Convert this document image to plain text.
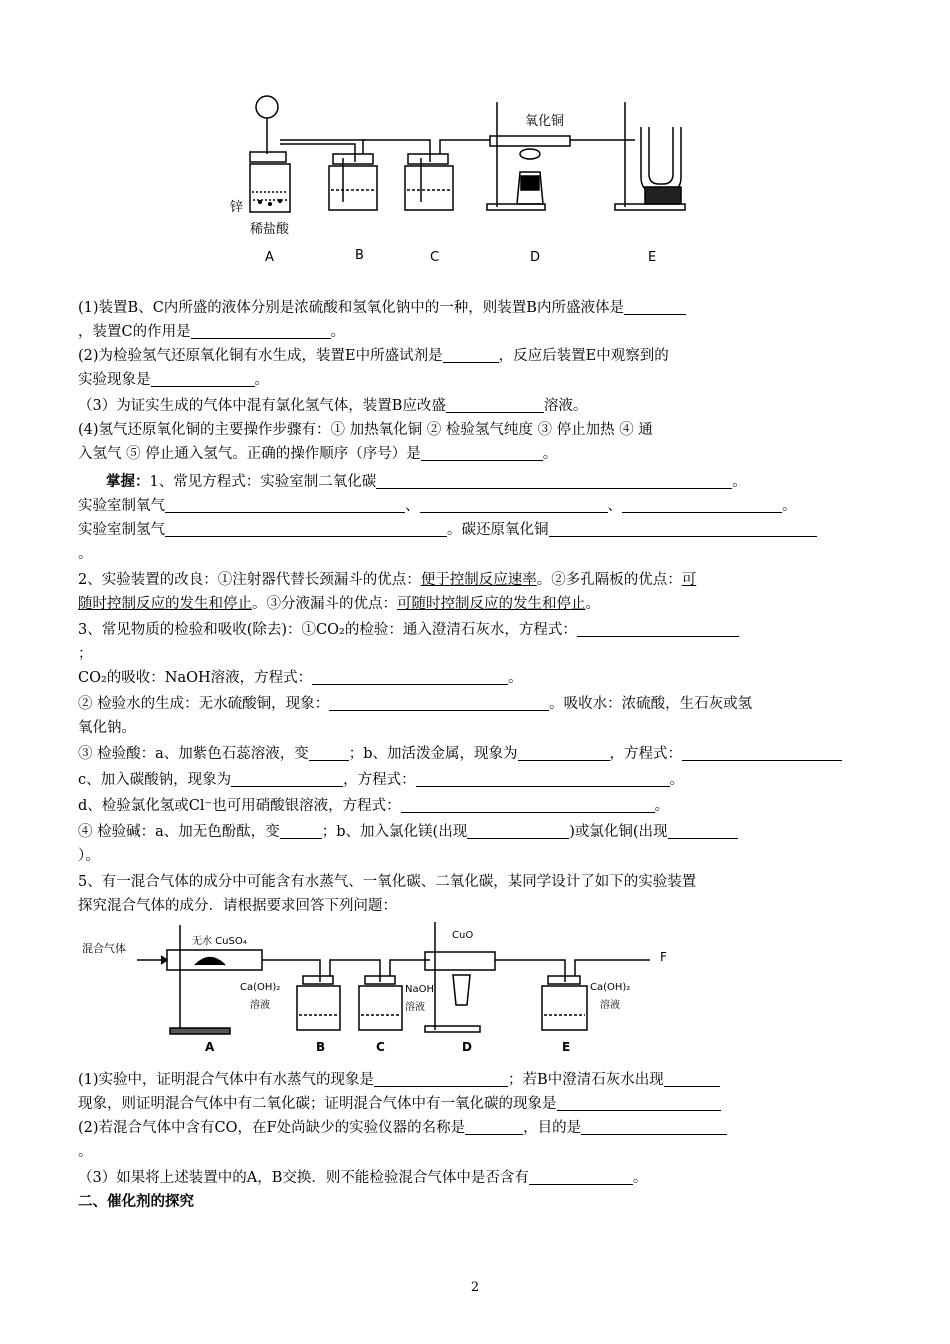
锌
稀盐酸
氧化铜
A	B	C	D	E
(1)装置B、C内所盛的液体分别是浓硫酸和氢氧化钠中的一种，则装置B内所盛液体是
，装置C的作用是	。
(2)为检验氢气还原氧化铜有水生成，装置E中所盛试剂是	，反应后装置E中观察到的
实验现象是	。
（3）为证实生成的气体中混有氯化氢气体，装置B应改盛	溶液。
(4)氢气还原氧化铜的主要操作步骤有：① 加热氧化铜 ② 检验氢气纯度 ③ 停止加热 ④ 通
入氢气 ⑤ 停止通入氢气。正确的操作顺序（序号）是	。
掌握：1、常见方程式：实验室制二氧化碳	。
实验室制氧气	、	、	。
实验室制氢气	。碳还原氧化铜
。
2、实验装置的改良：①注射器代替长颈漏斗的优点：便于控制反应速率。②多孔隔板的优点：可
随时控制反应的发生和停止。③分液漏斗的优点：可随时控制反应的发生和停止。
3、常见物质的检验和吸收(除去)：①CO₂的检验：通入澄清石灰水，方程式：
；
CO₂的吸收：NaOH溶液，方程式：	。
② 检验水的生成：无水硫酸铜，现象：	。吸收水：浓硫酸，生石灰或氢
氧化钠。
③ 检验酸：a、加紫色石蕊溶液，变	；b、加活泼金属，现象为	，方程式：
c、加入碳酸钠，现象为	，方程式：	。
d、检验氯化氢或Cl⁻也可用硝酸银溶液，方程式：	。
④ 检验碱：a、加无色酚酞，变	；b、加入氯化镁(出现	)或氯化铜(出现
）。
5、有一混合气体的成分中可能含有水蒸气、一氧化碳、二氧化碳，某同学设计了如下的实验装置
探究混合气体的成分．请根据要求回答下列问题：
混合气体
无水 CuSO₄
Ca(OH)₂
溶液
NaOH
溶液
CuO
Ca(OH)₂
溶液
F
A	B	C	D	E
(1)实验中，证明混合气体中有水蒸气的现象是	；若B中澄清石灰水出现
现象，则证明混合气体中有二氧化碳；证明混合气体中有一氧化碳的现象是
(2)若混合气体中含有CO，在F处尚缺少的实验仪器的名称是	，目的是
。
（3）如果将上述装置中的A，B交换．则不能检验混合气体中是否含有	。
二、催化剂的探究
2
